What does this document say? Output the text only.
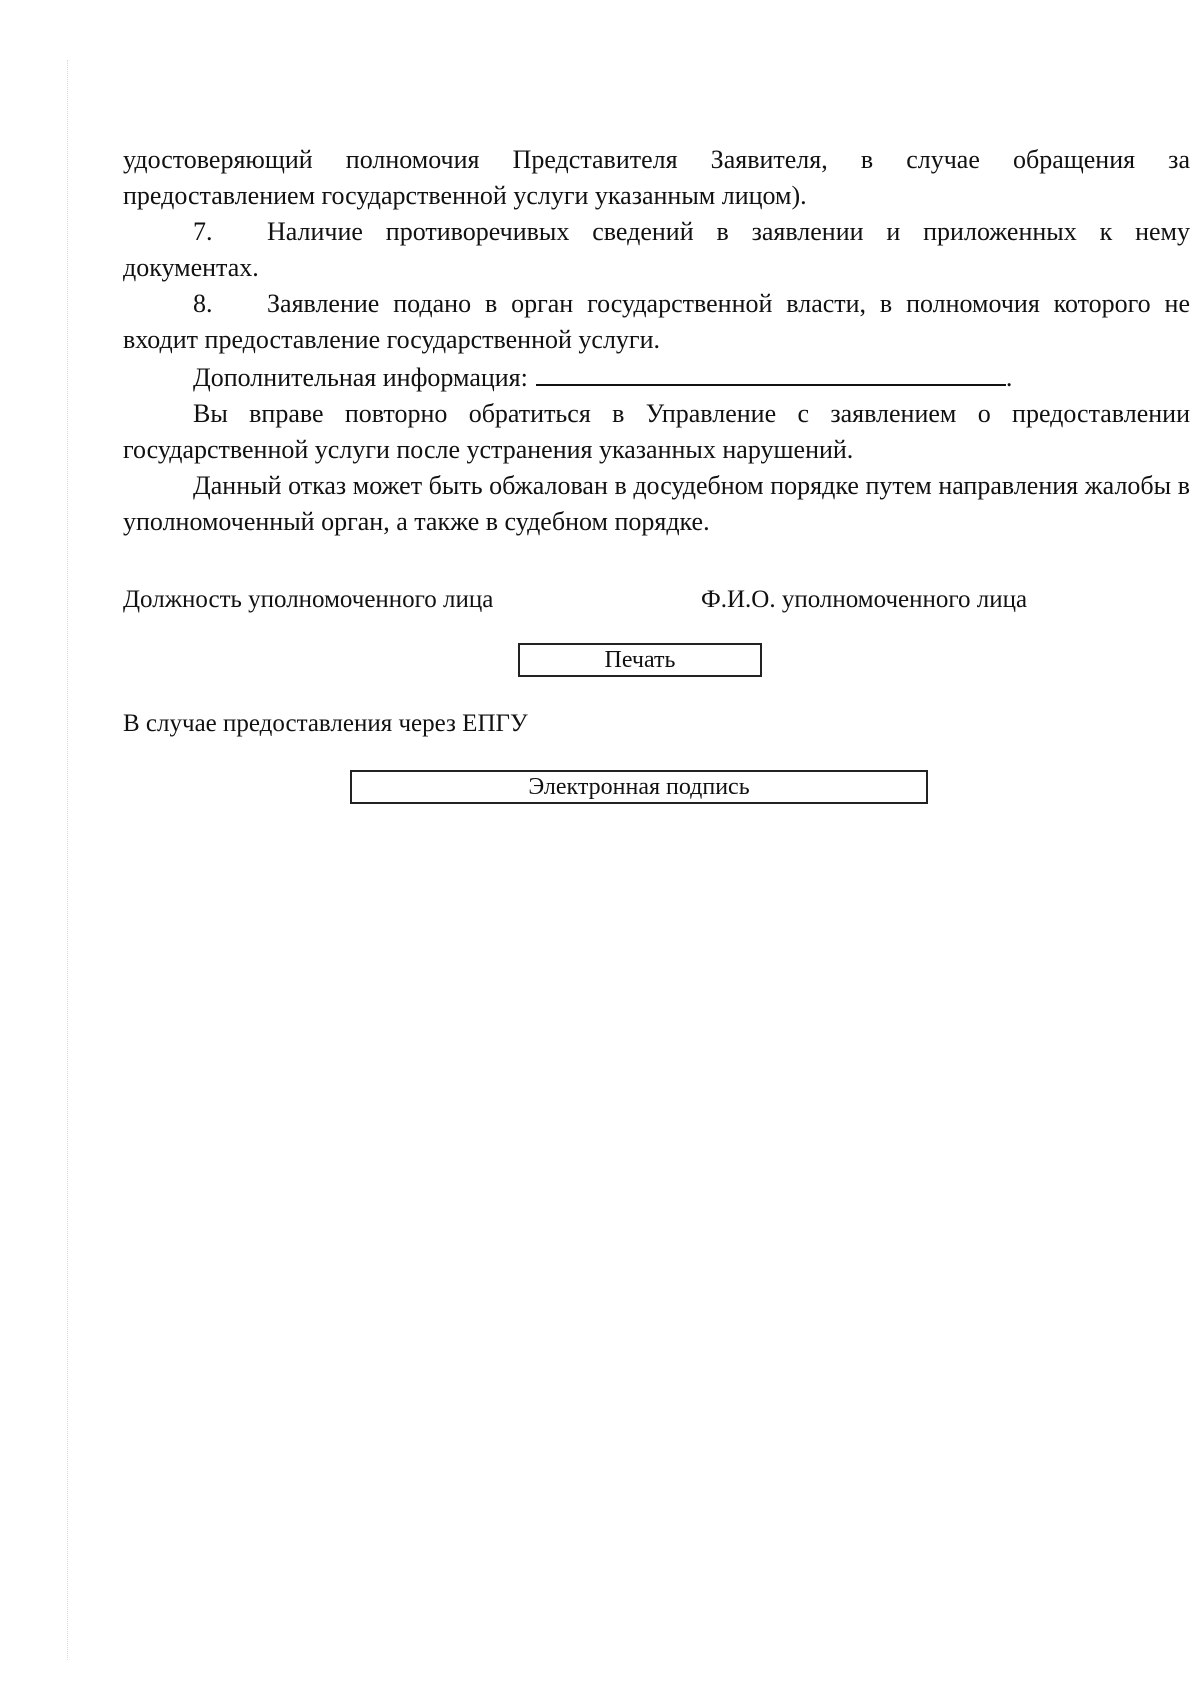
удостоверяющий полномочия Представителя Заявителя, в случае обращения за предоставлением государственной услуги указанным лицом).

7. Наличие противоречивых сведений в заявлении и приложенных к нему документах.

8. Заявление подано в орган государственной власти, в полномочия которого не входит предоставление государственной услуги.

Дополнительная информация:	.

Вы вправе повторно обратиться в Управление с заявлением о предоставлении государственной услуги после устранения указанных нарушений.

Данный отказ может быть обжалован в досудебном порядке путем направления жалобы в уполномоченный орган, а также в судебном порядке.

Должность уполномоченного лица	Ф.И.О. уполномоченного лица
Печать
В случае предоставления через ЕПГУ
Электронная подпись
